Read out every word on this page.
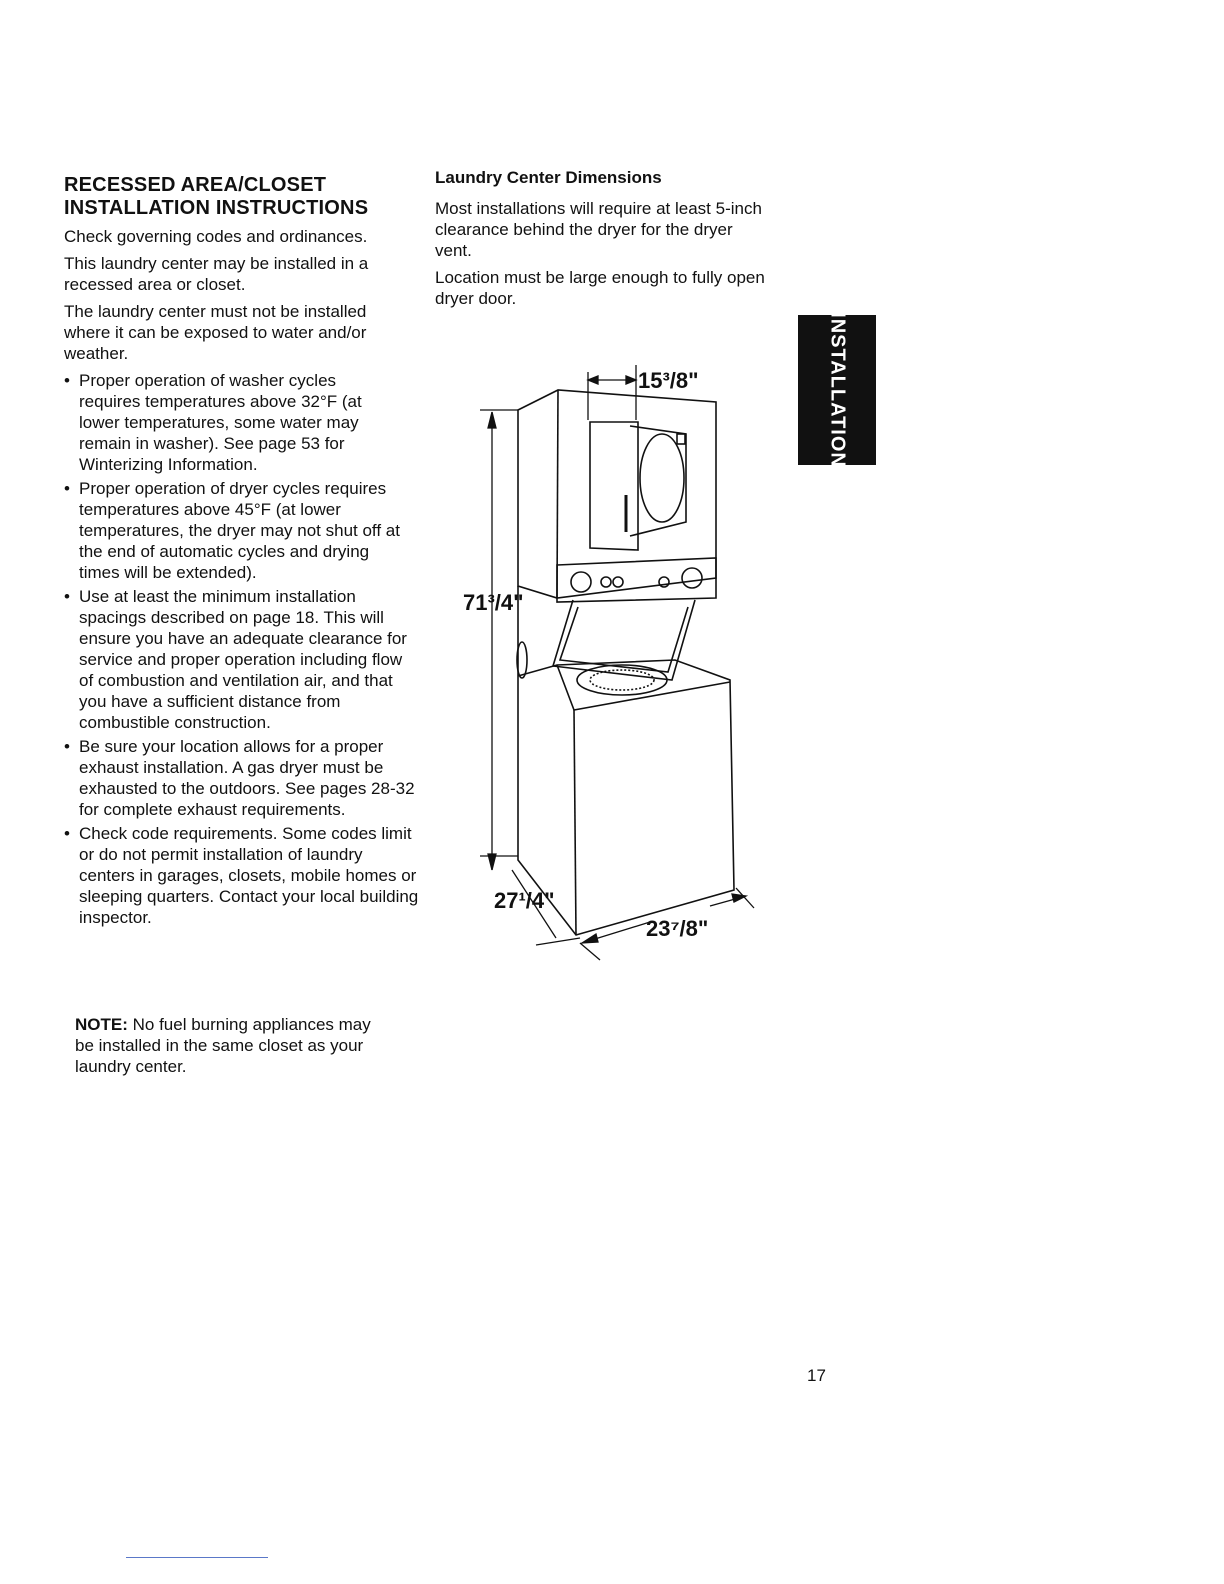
RECESSED AREA/CLOSET
INSTALLATION INSTRUCTIONS

Check governing codes and ordinances.

This laundry center may be installed in a recessed area or closet.

The laundry center must not be installed where it can be exposed to water and/or weather.

• Proper operation of washer cycles requires temperatures above 32°F (at lower temperatures, some water may remain in washer). See page 53 for Winterizing Information.
• Proper operation of dryer cycles requires temperatures above 45°F (at lower temperatures, the dryer may not shut off at the end of automatic cycles and drying times will be extended).
• Use at least the minimum installation spacings described on page 18. This will ensure you have an adequate clearance for service and proper operation including flow of combustion and ventilation air, and that you have a sufficient distance from combustible construction.
• Be sure your location allows for a proper exhaust installation. A gas dryer must be exhausted to the outdoors. See pages 28-32 for complete exhaust requirements.
• Check code requirements. Some codes limit or do not permit installation of laundry centers in garages, closets, mobile homes or sleeping quarters. Contact your local building inspector.
NOTE: No fuel burning appliances may be installed in the same closet as your laundry center.
Laundry Center Dimensions

Most installations will require at least 5-inch clearance behind the dryer for the dryer vent.

Location must be large enough to fully open dryer door.

INSTALLATION
15³/8"
71³/4"
27¹/4"
23⁷/8"
17
